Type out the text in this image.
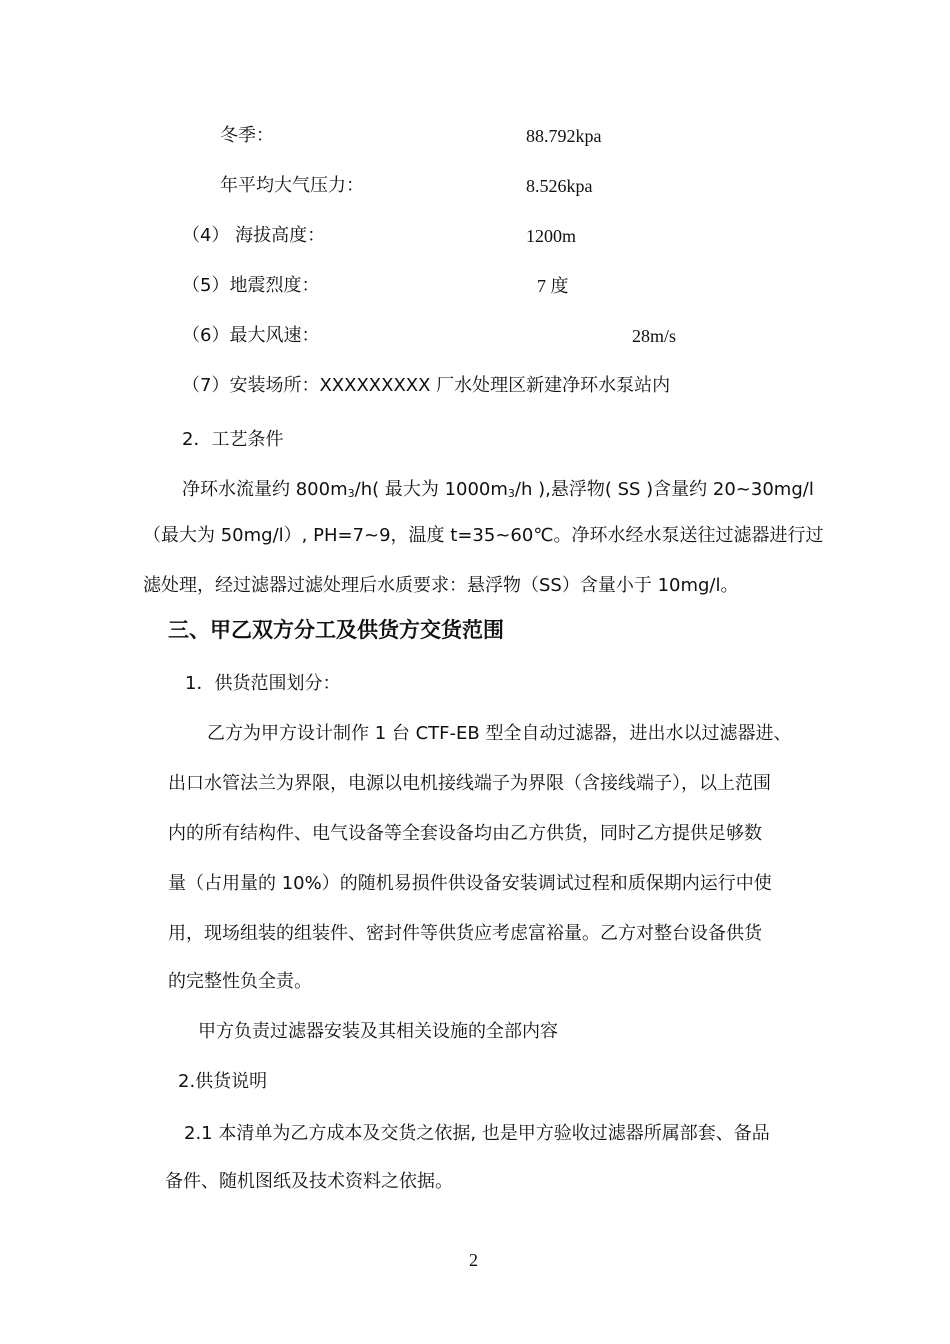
冬季：	88.792kpa
年平均大气压力：	8.526kpa
（4） 海拔高度：	1200m
（5）地震烈度：	7 度
（6）最大风速：	28m/s
（7）安装场所：XXXXXXXXX 厂水处理区新建净环水泵站内
2．工艺条件
净环水流量约 $800m_3/h$( 最大为 $1000m_3/h$ ),悬浮物( SS )含量约 20~30mg/l
（最大为 50mg/l）, PH=7~9，温度 t=35~60℃。净环水经水泵送往过滤器进行过
滤处理，经过滤器过滤处理后水质要求：悬浮物（SS）含量小于 10mg/l。
三、甲乙双方分工及供货方交货范围
1．供货范围划分：
乙方为甲方设计制作 1 台 CTF-EB 型全自动过滤器，进出水以过滤器进、
出口水管法兰为界限，电源以电机接线端子为界限（含接线端子），以上范围
内的所有结构件、电气设备等全套设备均由乙方供货，同时乙方提供足够数
量（占用量的 10%）的随机易损件供设备安装调试过程和质保期内运行中使
用，现场组装的组装件、密封件等供货应考虑富裕量。乙方对整台设备供货
的完整性负全责。
甲方负责过滤器安装及其相关设施的全部内容
2.供货说明
2.1 本清单为乙方成本及交货之依据, 也是甲方验收过滤器所属部套、备品
备件、随机图纸及技术资料之依据。
2
